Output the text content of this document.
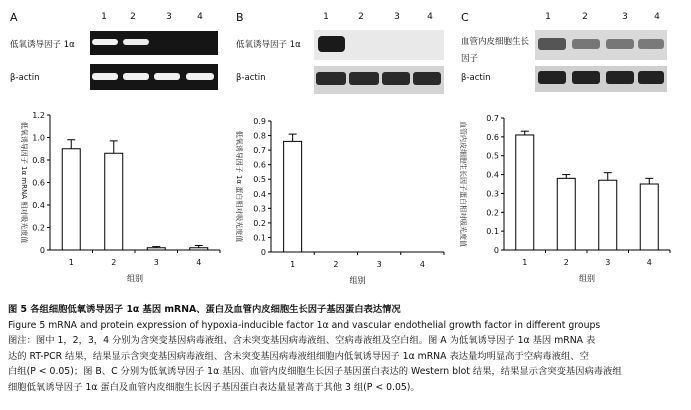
A	1	2	3	4
低氧诱导因子 1α
β-actin
B	1	2	3	4
低氧诱导因子 1α
β-actin
C	1	2	3	4
血管内皮细胞生长
因子
β-actin
0
0.2
0.4
0.6
0.8
1.0
1.2
1	2	3	4
组别
低氧诱导因子 1α mRNA 相对吸光度值
0
0.1
0.2
0.3
0.4
0.5
0.6
0.7
0.8
0.9
1	2	3	4
组别
低氧诱导因子 1α 蛋白相对吸光度值
0
0.1
0.2
0.3
0.4
0.5
0.6
0.7
1	2	3	4
组别
血管内皮细胞生长因子蛋白相对吸光度值
图 5 各组细胞低氧诱导因子 1α 基因 mRNA、蛋白及血管内皮细胞生长因子基因蛋白表达情况
Figure 5 mRNA and protein expression of hypoxia-inducible factor 1α and vascular endothelial growth factor in different groups
图注：图中 1，2，3，4 分别为含突变基因病毒液组、含未突变基因病毒液组、空病毒液组及空白组。图 A 为低氧诱导因子 1α 基因 mRNA 表
达的 RT-PCR 结果，结果显示含突变基因病毒液组、含未突变基因病毒液组细胞内低氧诱导因子 1α mRNA 表达量均明显高于空病毒液组、空
白组(P < 0.05)；图 B、C 分别为低氧诱导因子 1α 基因、血管内皮细胞生长因子基因蛋白表达的 Western blot 结果，结果显示含突变基因病毒液组
细胞低氧诱导因子 1α 蛋白及血管内皮细胞生长因子基因蛋白表达量显著高于其他 3 组(P < 0.05)。
